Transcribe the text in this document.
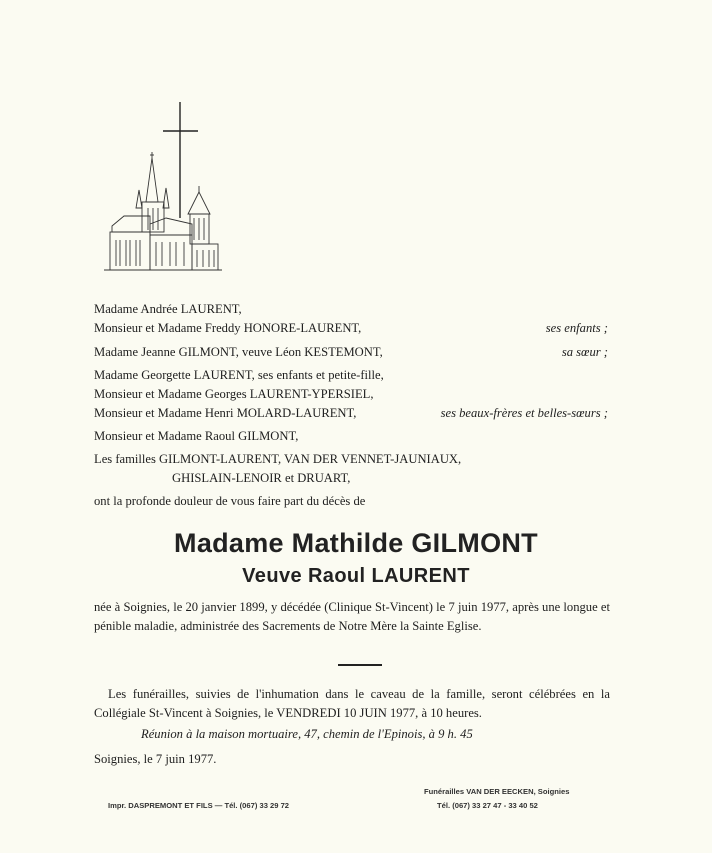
Madame Andrée LAURENT,
Monsieur et Madame Freddy HONORE-LAURENT,	ses enfants ;
Madame Jeanne GILMONT, veuve Léon KESTEMONT,	sa sœur ;
Madame Georgette LAURENT, ses enfants et petite-fille,
Monsieur et Madame Georges LAURENT-YPERSIEL,
Monsieur et Madame Henri MOLARD-LAURENT,	ses beaux-frères et belles-sœurs ;
Monsieur et Madame Raoul GILMONT,
Les familles GILMONT-LAURENT, VAN DER VENNET-JAUNIAUX,
GHISLAIN-LENOIR et DRUART,
ont la profonde douleur de vous faire part du décès de
Madame Mathilde GILMONT
Veuve Raoul LAURENT
née à Soignies, le 20 janvier 1899, y décédée (Clinique St-Vincent) le 7 juin 1977, après une longue et pénible maladie, administrée des Sacrements de Notre Mère la Sainte Eglise.
Les funérailles, suivies de l'inhumation dans le caveau de la famille, seront célébrées en la Collégiale St-Vincent à Soignies, le VENDREDI 10 JUIN 1977, à 10 heures.
Réunion à la maison mortuaire, 47, chemin de l'Epinois, à 9 h. 45
Soignies, le 7 juin 1977.
Impr. DASPREMONT ET FILS — Tél. (067) 33 29 72
Funérailles VAN DER EECKEN, Soignies
Tél. (067) 33 27 47 - 33 40 52
